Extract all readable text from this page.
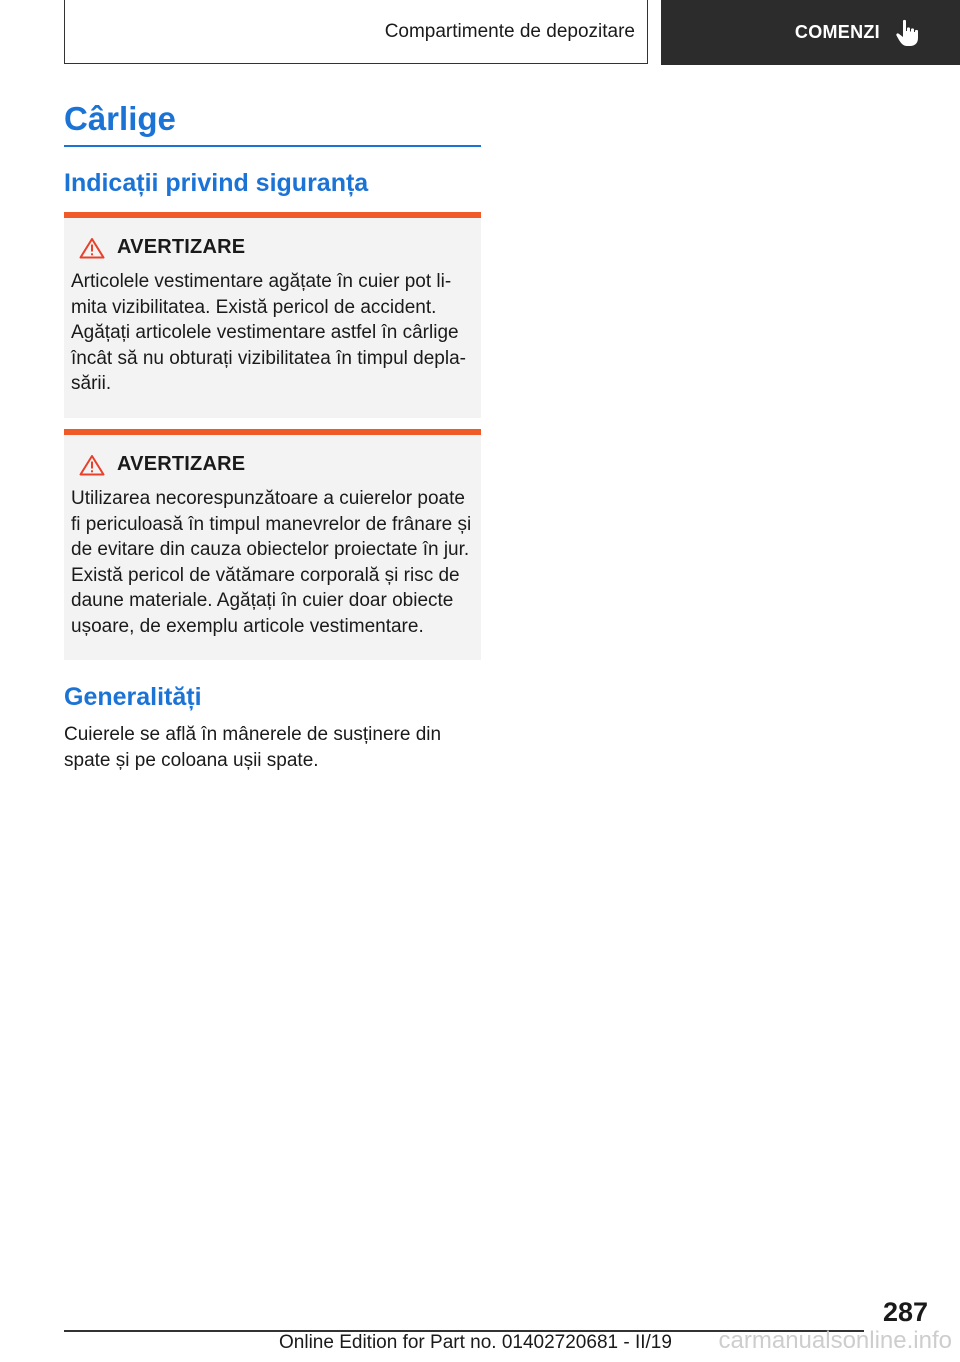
Compartimente de depozitare	COMENZI
Cârlige
Indicații privind siguranța
AVERTIZARE
Articolele vestimentare agățate în cuier pot li-
mita vizibilitatea. Există pericol de accident.
Agățați articolele vestimentare astfel în cârlige
încât să nu obturați vizibilitatea în timpul depla-
sării.
AVERTIZARE
Utilizarea necorespunzătoare a cuierelor poate
fi periculoasă în timpul manevrelor de frânare și
de evitare din cauza obiectelor proiectate în jur.
Există pericol de vătămare corporală și risc de
daune materiale. Agățați în cuier doar obiecte
ușoare, de exemplu articole vestimentare.
Generalități
Cuierele se află în mânerele de susținere din
spate și pe coloana ușii spate.
287
Online Edition for Part no. 01402720681 - II/19 carmanualsonline.info
